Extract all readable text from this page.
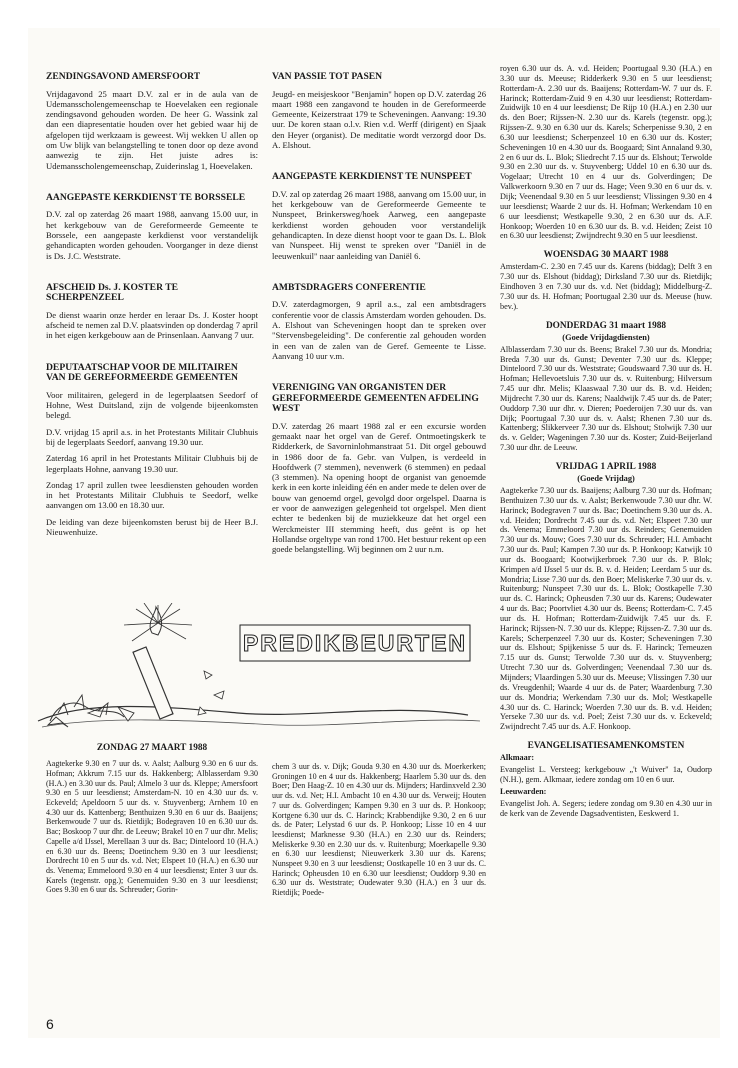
ZENDINGSAVOND AMERSFOORT

Vrijdagavond 25 maart D.V. zal er in de aula van de Udemansscholengemeenschap te Hoevelaken een regionale zendingsavond gehouden worden. De heer G. Wassink zal dan een diapresentatie houden over het gebied waar hij de afgelopen tijd werkzaam is geweest. Wij wekken U allen op om Uw blijk van belangstelling te tonen door op deze avond aanwezig te zijn. Het juiste adres is: Udemansscholengemeenschap, Zuiderinslag 1, Hoevelaken.

AANGEPASTE KERKDIENST TE BORSSELE

D.V. zal op zaterdag 26 maart 1988, aanvang 15.00 uur, in het kerkgebouw van de Gereformeerde Gemeente te Borssele, een aangepaste kerkdienst voor verstandelijk gehandicapten worden gehouden. Voorganger in deze dienst is Ds. J.C. Weststrate.

AFSCHEID Ds. J. KOSTER TE SCHERPENZEEL

De dienst waarin onze herder en leraar Ds. J. Koster hoopt afscheid te nemen zal D.V. plaatsvinden op donderdag 7 april in het eigen kerkgebouw aan de Prinsenlaan. Aanvang 7 uur.

DEPUTAATSCHAP VOOR DE MILITAIREN VAN DE GEREFORMEERDE GEMEENTEN

Voor militairen, gelegerd in de legerplaatsen Seedorf of Hohne, West Duitsland, zijn de volgende bijeenkomsten belegd.

D.V. vrijdag 15 april a.s. in het Protestants Militair Clubhuis bij de legerplaats Seedorf, aanvang 19.30 uur.

Zaterdag 16 april in het Protestants Militair Clubhuis bij de legerplaats Hohne, aanvang 19.30 uur.

Zondag 17 april zullen twee leesdiensten gehouden worden in het Protestants Militair Clubhuis te Seedorf, welke aanvangen om 13.00 en 18.30 uur.

De leiding van deze bijeenkomsten berust bij de Heer B.J. Nieuwenhuize.

VAN PASSIE TOT PASEN

Jeugd- en meisjeskoor "Benjamin" hopen op D.V. zaterdag 26 maart 1988 een zangavond te houden in de Gereformeerde Gemeente, Keizerstraat 179 te Scheveningen. Aanvang: 19.30 uur. De koren staan o.l.v. Rien v.d. Werff (dirigent) en Sjaak den Heyer (organist). De meditatie wordt verzorgd door Ds. A. Elshout.

AANGEPASTE KERKDIENST TE NUNSPEET

D.V. zal op zaterdag 26 maart 1988, aanvang om 15.00 uur, in het kerkgebouw van de Gereformeerde Gemeente te Nunspeet, Brinkersweg/hoek Aarweg, een aangepaste kerkdienst worden gehouden voor verstandelijk gehandicapten. In deze dienst hoopt voor te gaan Ds. L. Blok van Nunspeet. Hij wenst te spreken over "Daniël in de leeuwenkuil" naar aanleiding van Daniël 6.

AMBTSDRAGERS CONFERENTIE

D.V. zaterdagmorgen, 9 april a.s., zal een ambtsdragers conferentie voor de classis Amsterdam worden gehouden. Ds. A. Elshout van Scheveningen hoopt dan te spreken over "Stervensbegeleiding". De conferentie zal gehouden worden in een van de zalen van de Geref. Gemeente te Lisse. Aanvang 10 uur v.m.

VERENIGING VAN ORGANISTEN DER GEREFORMEERDE GEMEENTEN AFDELING WEST

D.V. zaterdag 26 maart 1988 zal er een excursie worden gemaakt naar het orgel van de Geref. Ontmoetingskerk te Ridderkerk, de Savorninlohmanstraat 51. Dit orgel gebouwd in 1986 door de fa. Gebr. van Vulpen, is verdeeld in Hoofdwerk (7 stemmen), nevenwerk (6 stemmen) en pedaal (3 stemmen). Na opening hoopt de organist van genoemde kerk in een korte inleiding één en ander mede te delen over de bouw van genoemd orgel, gevolgd door orgelspel. Daarna is er voor de aanwezigen gelegenheid tot orgelspel. Men dient echter te bedenken bij de muziekkeuze dat het orgel een Werckmeister III stemming heeft, dus geënt is op het Hollandse orgeltype van rond 1700. Het bestuur rekent op een goede belangstelling. Wij beginnen om 2 uur n.m.

PREDIKBEURTEN

ZONDAG 27 MAART 1988

Aagtekerke 9.30 en 7 uur ds. v. Aalst; Aalburg 9.30 en 6 uur ds. Hofman; Akkrum 7.15 uur ds. Hakkenberg; Alblasserdam 9.30 (H.A.) en 3.30 uur ds. Paul; Almelo 3 uur ds. Kleppe; Amersfoort 9.30 en 5 uur leesdienst; Amsterdam-N. 10 en 4.30 uur ds. v. Eckeveld; Apeldoorn 5 uur ds. v. Stuyvenberg; Arnhem 10 en 4.30 uur ds. Kattenberg; Benthuizen 9.30 en 6 uur ds. Baaijens; Berkenwoude 7 uur ds. Rietdijk; Bodegraven 10 en 6.30 uur ds. Bac; Boskoop 7 uur dhr. de Leeuw; Brakel 10 en 7 uur dhr. Melis; Capelle a/d IJssel, Merellaan 3 uur ds. Bac; Dinteloord 10 (H.A.) en 6.30 uur ds. Beens; Doetinchem 9.30 en 3 uur leesdienst; Dordrecht 10 en 5 uur ds. v.d. Net; Elspeet 10 (H.A.) en 6.30 uur ds. Venema; Emmeloord 9.30 en 4 uur leesdienst; Enter 3 uur ds. Karels (tegenstr. opg.); Genemuiden 9.30 en 3 uur leesdienst; Goes 9.30 en 6 uur ds. Schreuder; Gorin-
chem 3 uur ds. v. Dijk; Gouda 9.30 en 4.30 uur ds. Moerkerken; Groningen 10 en 4 uur ds. Hakkenberg; Haarlem 5.30 uur ds. den Boer; Den Haag-Z. 10 en 4.30 uur ds. Mijnders; Hardinxveld 2.30 uur ds. v.d. Net; H.I. Ambacht 10 en 4.30 uur ds. Verweij; Houten 7 uur ds. Golverdingen; Kampen 9.30 en 3 uur ds. P. Honkoop; Kortgene 6.30 uur ds. C. Harinck; Krabbendijke 9.30, 2 en 6 uur ds. de Pater; Lelystad 6 uur ds. P. Honkoop; Lisse 10 en 4 uur leesdienst; Marknesse 9.30 (H.A.) en 2.30 uur ds. Reinders; Meliskerke 9.30 en 2.30 uur ds. v. Ruitenburg; Moerkapelle 9.30 en 6.30 uur leesdienst; Nieuwerkerk 3.30 uur ds. Karens; Nunspeet 9.30 en 3 uur leesdienst; Oostkapelle 10 en 3 uur ds. C. Harinck; Opheusden 10 en 6.30 uur leesdienst; Ouddorp 9.30 en 6.30 uur ds. Weststrate; Oudewater 9.30 (H.A.) en 3 uur ds. Rietdijk; Poede-
royen 6.30 uur ds. A. v.d. Heiden; Poortugaal 9.30 (H.A.) en 3.30 uur ds. Meeuse; Ridderkerk 9.30 en 5 uur leesdienst; Rotterdam-A. 2.30 uur ds. Baaijens; Rotterdam-W. 7 uur ds. F. Harinck; Rotterdam-Zuid 9 en 4.30 uur leesdienst; Rotterdam-Zuidwijk 10 en 4 uur leesdienst; De Rijp 10 (H.A.) en 2.30 uur ds. den Boer; Rijssen-N. 2.30 uur ds. Karels (tegenstr. opg.); Rijssen-Z. 9.30 en 6.30 uur ds. Karels; Scherpenisse 9.30, 2 en 6.30 uur leesdienst; Scherpenzeel 10 en 6.30 uur ds. Koster; Scheveningen 10 en 4.30 uur ds. Boogaard; Sint Annaland 9.30, 2 en 6 uur ds. L. Blok; Sliedrecht 7.15 uur ds. Elshout; Terwolde 9.30 en 2.30 uur ds. v. Stuyvenberg; Uddel 10 en 6.30 uur ds. Vogelaar; Utrecht 10 en 4 uur ds. Golverdingen; De Valkwerkoorn 9.30 en 7 uur ds. Hage; Veen 9.30 en 6 uur ds. v. Dijk; Veenendaal 9.30 en 5 uur leesdienst; Vlissingen 9.30 en 4 uur leesdienst; Waarde 2 uur ds. H. Hofman; Werkendam 10 en 6 uur leesdienst; Westkapelle 9.30, 2 en 6.30 uur ds. A.F. Honkoop; Woerden 10 en 6.30 uur ds. B. v.d. Heiden; Zeist 10 en 6.30 uur leesdienst; Zwijndrecht 9.30 en 5 uur leesdienst.

WOENSDAG 30 MAART 1988

Amsterdam-C. 2.30 en 7.45 uur ds. Karens (biddag); Delft 3 en 7.30 uur ds. Elshout (biddag); Dirksland 7.30 uur ds. Rietdijk; Eindhoven 3 en 7.30 uur ds. v.d. Net (biddag); Middelburg-Z. 7.30 uur ds. H. Hofman; Poortugaal 2.30 uur ds. Meeuse (huw. bev.).

DONDERDAG 31 maart 1988

(Goede Vrijdagdiensten)

Alblasserdam 7.30 uur ds. Beens; Brakel 7.30 uur ds. Mondria; Breda 7.30 uur ds. Gunst; Deventer 7.30 uur ds. Kleppe; Dinteloord 7.30 uur ds. Weststrate; Goudswaard 7.30 uur ds. H. Hofman; Hellevoetsluis 7.30 uur ds. v. Ruitenburg; Hilversum 7.45 uur dhr. Melis; Klaaswaal 7.30 uur ds. B. v.d. Heiden; Mijdrecht 7.30 uur ds. Karens; Naaldwijk 7.45 uur ds. de Pater; Ouddorp 7.30 uur dhr. v. Dieren; Poederoijen 7.30 uur ds. van Dijk; Poortugaal 7.30 uur ds. v. Aalst; Rhenen 7.30 uur ds. Kattenberg; Slikkerveer 7.30 uur ds. Elshout; Stolwijk 7.30 uur ds. v. Gelder; Wageningen 7.30 uur ds. Koster; Zuid-Beijerland 7.30 uur dhr. de Leeuw.

VRIJDAG 1 APRIL 1988

(Goede Vrijdag)

Aagtekerke 7.30 uur ds. Baaijens; Aalburg 7.30 uur ds. Hofman; Benthuizen 7.30 uur ds. v. Aalst; Berkenwoude 7.30 uur dhr. W. Harinck; Bodegraven 7 uur ds. Bac; Doetinchem 9.30 uur ds. A. v.d. Heiden; Dordrecht 7.45 uur ds. v.d. Net; Elspeet 7.30 uur ds. Venema; Emmeloord 7.30 uur ds. Reinders; Genemuiden 7.30 uur ds. Mouw; Goes 7.30 uur ds. Schreuder; H.I. Ambacht 7.30 uur ds. Paul; Kampen 7.30 uur ds. P. Honkoop; Katwijk 10 uur ds. Boogaard; Kootwijkerbroek 7.30 uur ds. P. Blok; Krimpen a/d IJssel 5 uur ds. B. v. d. Heiden; Leerdam 5 uur ds. Mondria; Lisse 7.30 uur ds. den Boer; Meliskerke 7.30 uur ds. v. Ruitenburg; Nunspeet 7.30 uur ds. L. Blok; Oostkapelle 7.30 uur ds. C. Harinck; Opheusden 7.30 uur ds. Karens; Oudewater 4 uur ds. Bac; Poortvliet 4.30 uur ds. Beens; Rotterdam-C. 7.45 uur ds. H. Hofman; Rotterdam-Zuidwijk 7.45 uur ds. F. Harinck; Rijssen-N. 7.30 uur ds. Kleppe; Rijssen-Z. 7.30 uur ds. Karels; Scherpenzeel 7.30 uur ds. Koster; Scheveningen 7.30 uur ds. Elshout; Spijkenisse 5 uur ds. F. Harinck; Terneuzen 7.15 uur ds. Gunst; Terwolde 7.30 uur ds. v. Stuyvenberg; Utrecht 7.30 uur ds. Golverdingen; Veenendaal 7.30 uur ds. Mijnders; Vlaardingen 5.30 uur ds. Meeuse; Vlissingen 7.30 uur ds. Vreugdenhil; Waarde 4 uur ds. de Pater; Waardenburg 7.30 uur ds. Mondria; Werkendam 7.30 uur ds. Mol; Westkapelle 4.30 uur ds. C. Harinck; Woerden 7.30 uur ds. B. v.d. Heiden; Yerseke 7.30 uur ds. v.d. Poel; Zeist 7.30 uur ds. v. Eckeveld; Zwijndrecht 7.45 uur ds. A.F. Honkoop.

EVANGELISATIESAMENKOMSTEN

Alkmaar:

Evangelist L. Versteeg; kerkgebouw „'t Wuiver" 1a, Oudorp (N.H.), gem. Alkmaar, iedere zondag om 10 en 6 uur.

Leeuwarden:

Evangelist Joh. A. Segers; iedere zondag om 9.30 en 4.30 uur in de kerk van de Zevende Dagsadventisten, Eeskwerd 1.

6
